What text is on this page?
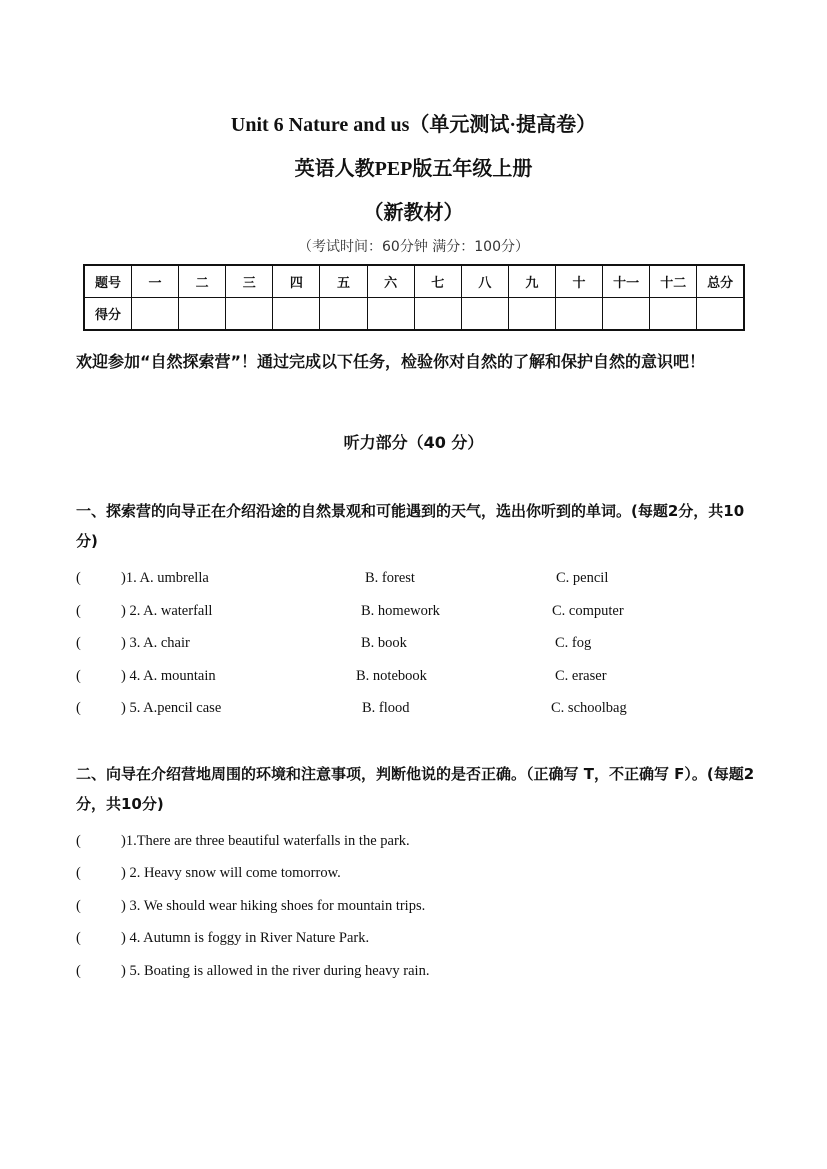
Unit 6 Nature and us（单元测试·提高卷）
英语人教PEP版五年级上册
（新教材）
（考试时间：60分钟 满分：100分）
题号	一	二	三	四	五	六	七	八	九	十	十一	十二	总分
得分													
欢迎参加“自然探索营”！通过完成以下任务，检验你对自然的了解和保护自然的意识吧！
听力部分（40 分）
一、探索营的向导正在介绍沿途的自然景观和可能遇到的天气，选出你听到的单词。(每题2分，共10分)
(	)1. A. umbrella	B. forest	C. pencil
(	) 2. A. waterfall	B. homework	C. computer
(	) 3. A. chair	B. book	C. fog
(	) 4. A. mountain	B. notebook	C. eraser
(	) 5. A.pencil case	B. flood	C. schoolbag
二、向导在介绍营地周围的环境和注意事项，判断他说的是否正确。（正确写 T，不正确写 F）。(每题2分，共10分)
(	)1.There are three beautiful waterfalls in the park.
(	) 2. Heavy snow will come tomorrow.
(	) 3. We should wear hiking shoes for mountain trips.
(	) 4. Autumn is foggy in River Nature Park.
(	) 5. Boating is allowed in the river during heavy rain.
